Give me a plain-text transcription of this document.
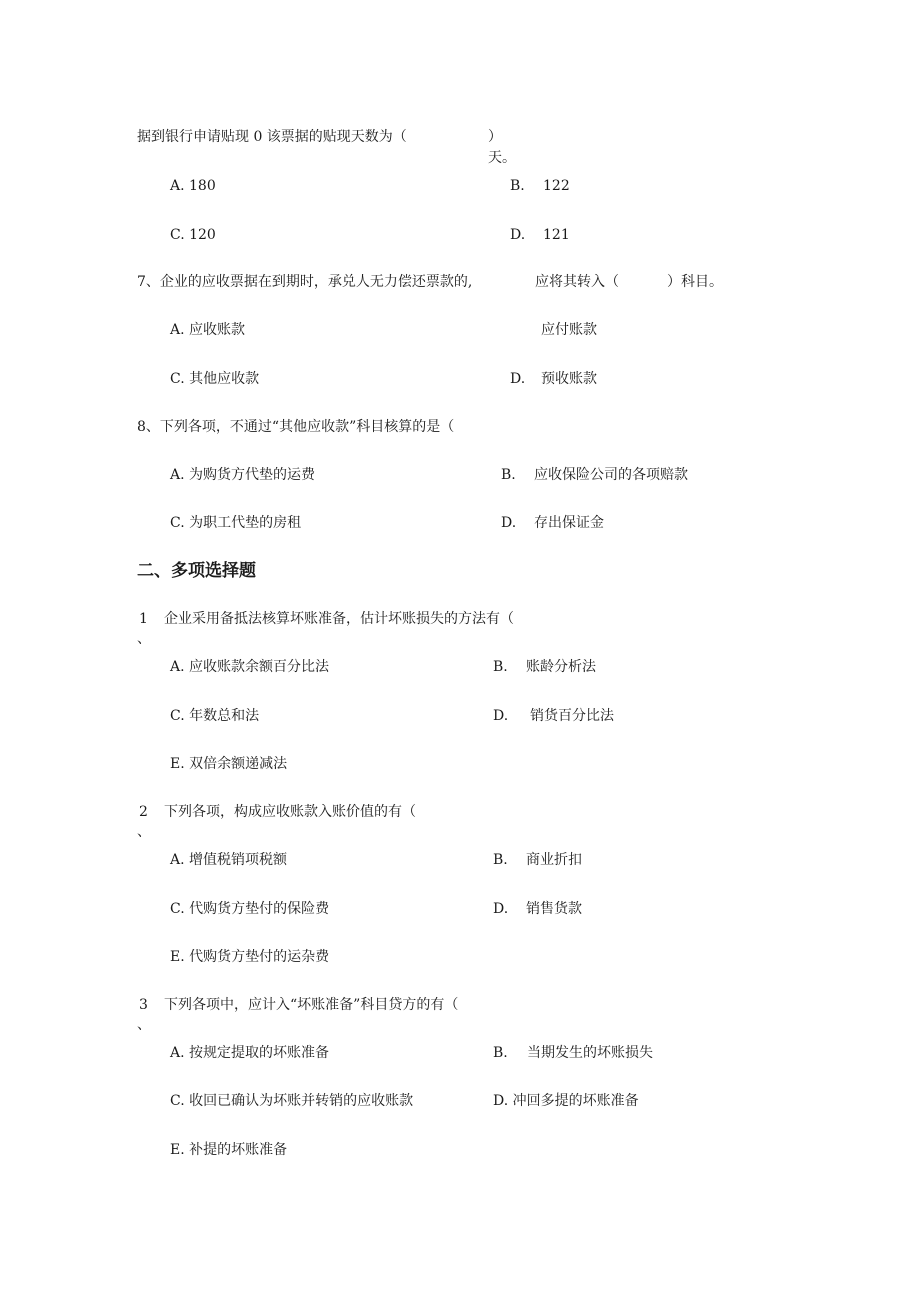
据到银行申请贴现 0 该票据的贴现天数为（	）
天。
A. 180	B. 122
C. 120	D. 121
7、企业的应收票据在到期时，承兑人无力偿还票款的,	应将其转入（	）科目。
A. 应收账款	应付账款
C. 其他应收款	D. 预收账款
8、下列各项，不通过“其他应收款”科目核算的是（
A. 为购货方代垫的运费	B. 应收保险公司的各项赔款
C. 为职工代垫的房租	D. 存出保证金
二、多项选择题
1
、
企业采用备抵法核算坏账准备，估计坏账损失的方法有（
A. 应收账款余额百分比法	B. 账龄分析法
C. 年数总和法	D. 销货百分比法
E. 双倍余额递减法
2
、
下列各项，构成应收账款入账价值的有（
A. 增值税销项税额	B. 商业折扣
C. 代购货方垫付的保险费	D. 销售货款
E. 代购货方垫付的运杂费
3
、
下列各项中，应计入“坏账准备”科目贷方的有（
A. 按规定提取的坏账准备	B. 当期发生的坏账损失
C. 收回已确认为坏账并转销的应收账款	D. 冲回多提的坏账准备
E. 补提的坏账准备
